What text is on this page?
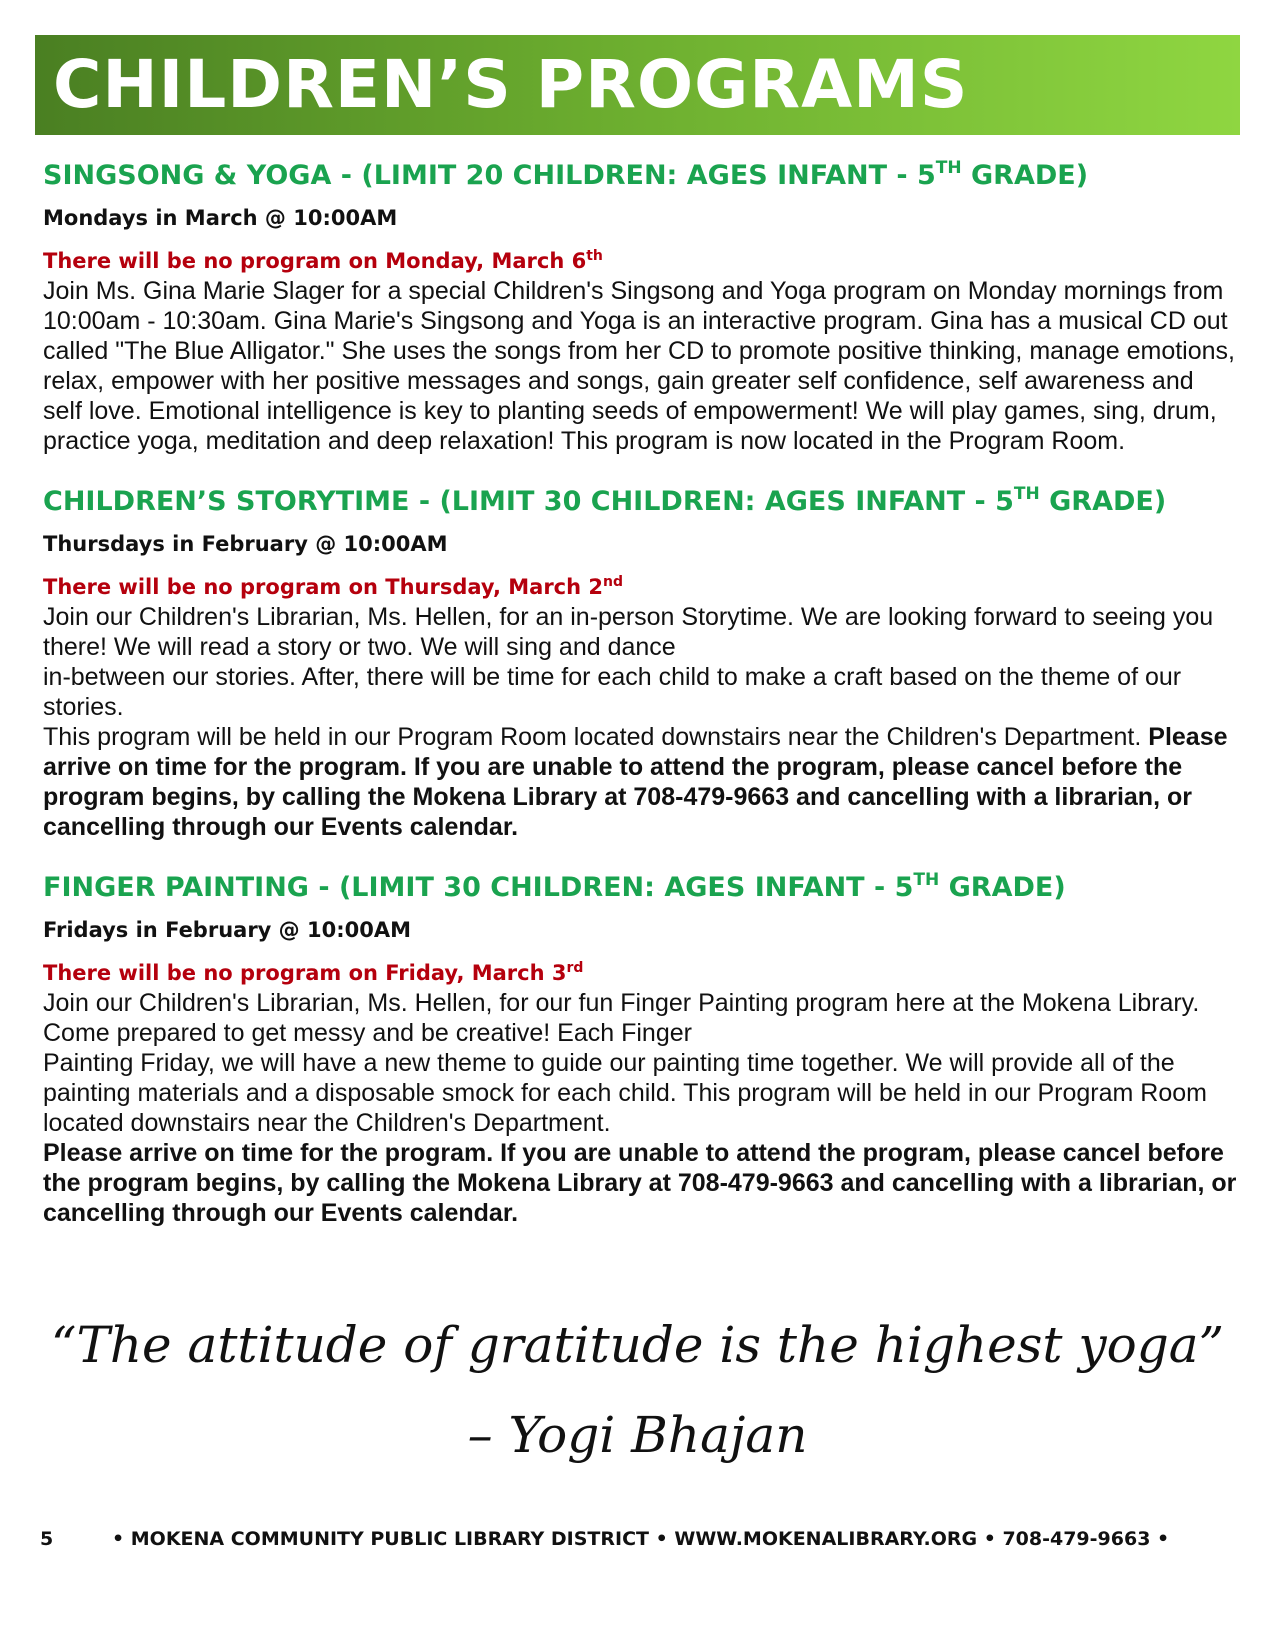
CHILDREN’S PROGRAMS
SINGSONG & YOGA - (LIMIT 20 CHILDREN: AGES INFANT - 5TH GRADE)
Mondays in March @ 10:00AM
There will be no program on Monday, March 6th

Join Ms. Gina Marie Slager for a special Children's Singsong and Yoga program on Monday mornings from 10:00am - 10:30am. Gina Marie's Singsong and Yoga is an interactive program. Gina has a musical CD out called "The Blue Alligator." She uses the songs from her CD to promote positive thinking, manage emotions, relax, empower with her positive messages and songs, gain greater self confidence, self awareness and self love. Emotional intelligence is key to planting seeds of empowerment! We will play games, sing, drum, practice yoga, meditation and deep relaxation! This program is now located in the Program Room.

CHILDREN’S STORYTIME - (LIMIT 30 CHILDREN: AGES INFANT - 5TH GRADE)
Thursdays in February @ 10:00AM
There will be no program on Thursday, March 2nd

Join our Children's Librarian, Ms. Hellen, for an in-person Storytime. We are looking forward to seeing you there! We will read a story or two. We will sing and dance

in-between our stories. After, there will be time for each child to make a craft based on the theme of our stories.

This program will be held in our Program Room located downstairs near the Children's Department. Please arrive on time for the program. If you are unable to attend the program, please cancel before the program begins, by calling the Mokena Library at 708-479-9663 and cancelling with a librarian, or cancelling through our Events calendar.

FINGER PAINTING - (LIMIT 30 CHILDREN: AGES INFANT - 5TH GRADE)
Fridays in February @ 10:00AM
There will be no program on Friday, March 3rd

Join our Children's Librarian, Ms. Hellen, for our fun Finger Painting program here at the Mokena Library. Come prepared to get messy and be creative! Each Finger

Painting Friday, we will have a new theme to guide our painting time together. We will provide all of the painting materials and a disposable smock for each child. This program will be held in our Program Room located downstairs near the Children's Department.

Please arrive on time for the program. If you are unable to attend the program, please cancel before the program begins, by calling the Mokena Library at 708-479-9663 and cancelling with a librarian, or cancelling through our Events calendar.

“The attitude of gratitude is the highest yoga”
– Yogi Bhajan
5	• MOKENA COMMUNITY PUBLIC LIBRARY DISTRICT • WWW.MOKENALIBRARY.ORG • 708-479-9663 •
